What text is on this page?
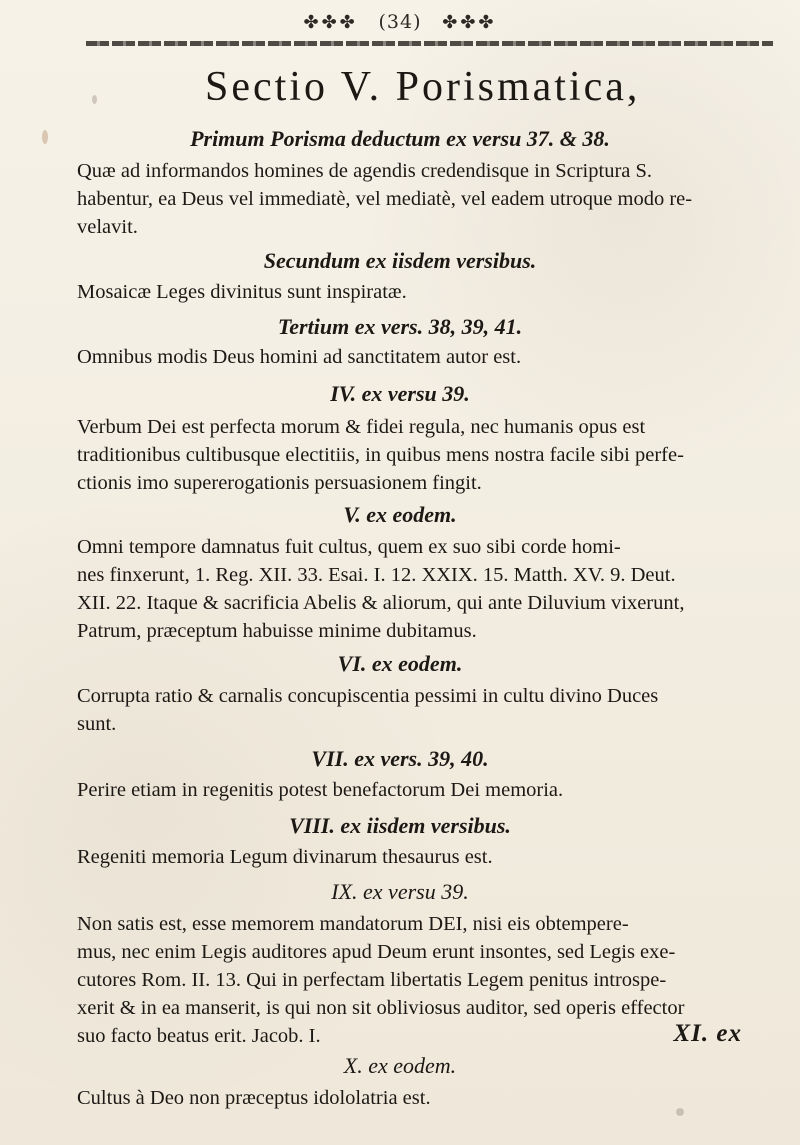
✤✤✤ (34) ✤✤✤
Sectio V. Porismatica,
Primum Porisma deductum ex versu 37. & 38.
Quæ ad informandos homines de agendis credendisque in Scriptura S.
habentur, ea Deus vel immediatè, vel mediatè, vel eadem utroque modo re-
velavit.
Secundum ex iisdem versibus.
Mosaicæ Leges divinitus sunt inspiratæ.
Tertium ex vers. 38, 39, 41.
Omnibus modis Deus homini ad sanctitatem autor est.
IV. ex versu 39.
Verbum Dei est perfecta morum & fidei regula, nec humanis opus est
traditionibus cultibusque electitiis, in quibus mens nostra facile sibi perfe-
ctionis imo supererogationis persuasionem fingit.
V. ex eodem.
Omni tempore damnatus fuit cultus, quem ex suo sibi corde homi-
nes finxerunt, 1. Reg. XII. 33. Esai. I. 12. XXIX. 15. Matth. XV. 9. Deut.
XII. 22. Itaque & sacrificia Abelis & aliorum, qui ante Diluvium vixerunt,
Patrum, præceptum habuisse minime dubitamus.
VI. ex eodem.
Corrupta ratio & carnalis concupiscentia pessimi in cultu divino Duces
sunt.
VII. ex vers. 39, 40.
Perire etiam in regenitis potest benefactorum Dei memoria.
VIII. ex iisdem versibus.
Regeniti memoria Legum divinarum thesaurus est.
IX. ex versu 39.
Non satis est, esse memorem mandatorum DEI, nisi eis obtempere-
mus, nec enim Legis auditores apud Deum erunt insontes, sed Legis exe-
cutores Rom. II. 13. Qui in perfectam libertatis Legem penitus introspe-
xerit & in ea manserit, is qui non sit obliviosus auditor, sed operis effector
suo facto beatus erit. Jacob. I.
X. ex eodem.
Cultus à Deo non præceptus idololatria est.
XI. ex
